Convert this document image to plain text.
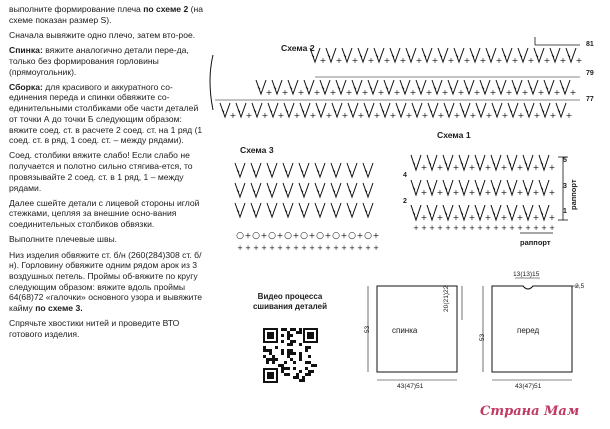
выполните формирование плеча по схеме 2 (на схеме показан размер S).

Сначала вывяжите одно плечо, затем вто-рое.

Спинка: вяжите аналогично детали пере-да, только без формирования горловины (прямоугольник).

Сборка: для красивого и аккуратного со-единения переда и спинки обвяжите со-единительными столбиками обе части деталей от точки А до точки Б следующим образом: вяжите соед. ст. в расчете 2 соед. ст. на 1 ряд (1 соед. ст. в ряд, 1 соед. ст. – между рядами).

Соед. столбики вяжите слабо! Если слабо не получается и полотно сильно стягива-ется, то провязывайте 2 соед. ст. в 1 ряд, 1 – между рядами.

Далее сшейте детали с лицевой стороны иглой стежками, цепляя за внешние осно-вания соединительных столбиков обвязки.

Выполните плечевые швы.

Низ изделия обвяжите ст. б/н (260(284)308 ст. б/н). Горловину обвяжите одним рядом арок из 3 воздушных петель. Проймы об-вяжите по кругу следующим образом: вяжите вдоль проймы 64(68)72 «галочки» основного узора и вывяжите кайму по схеме 3.

Спрячьте хвостики нитей и проведите ВТО готового изделия.

Схема 2	81
79
77
+ + + + + + + + + + + + + + + + +
+ + + + + + + + + + + + + + + + + + + +
+ + + + + + + + + + + + + + + + + + + + + +
Схема 3
○ + ○ + ○ + ○ + ○ + ○ + ○ + ○ + ○ +
+ + + + + + + + + + + + + + + + + +
Схема 1
5
3
1
4
2
+ + + + + + + + +
+ + + + + + + + +
+ + + + + + + + +
+ + + + + + + + + + + + + + + + + +
раппорт
раппорт
Видео процесса
сшивания деталей
спинка
53
43(47)51
20(21)22
перед
53
43(47)51
13(13)15
2,5
Страна Мам
